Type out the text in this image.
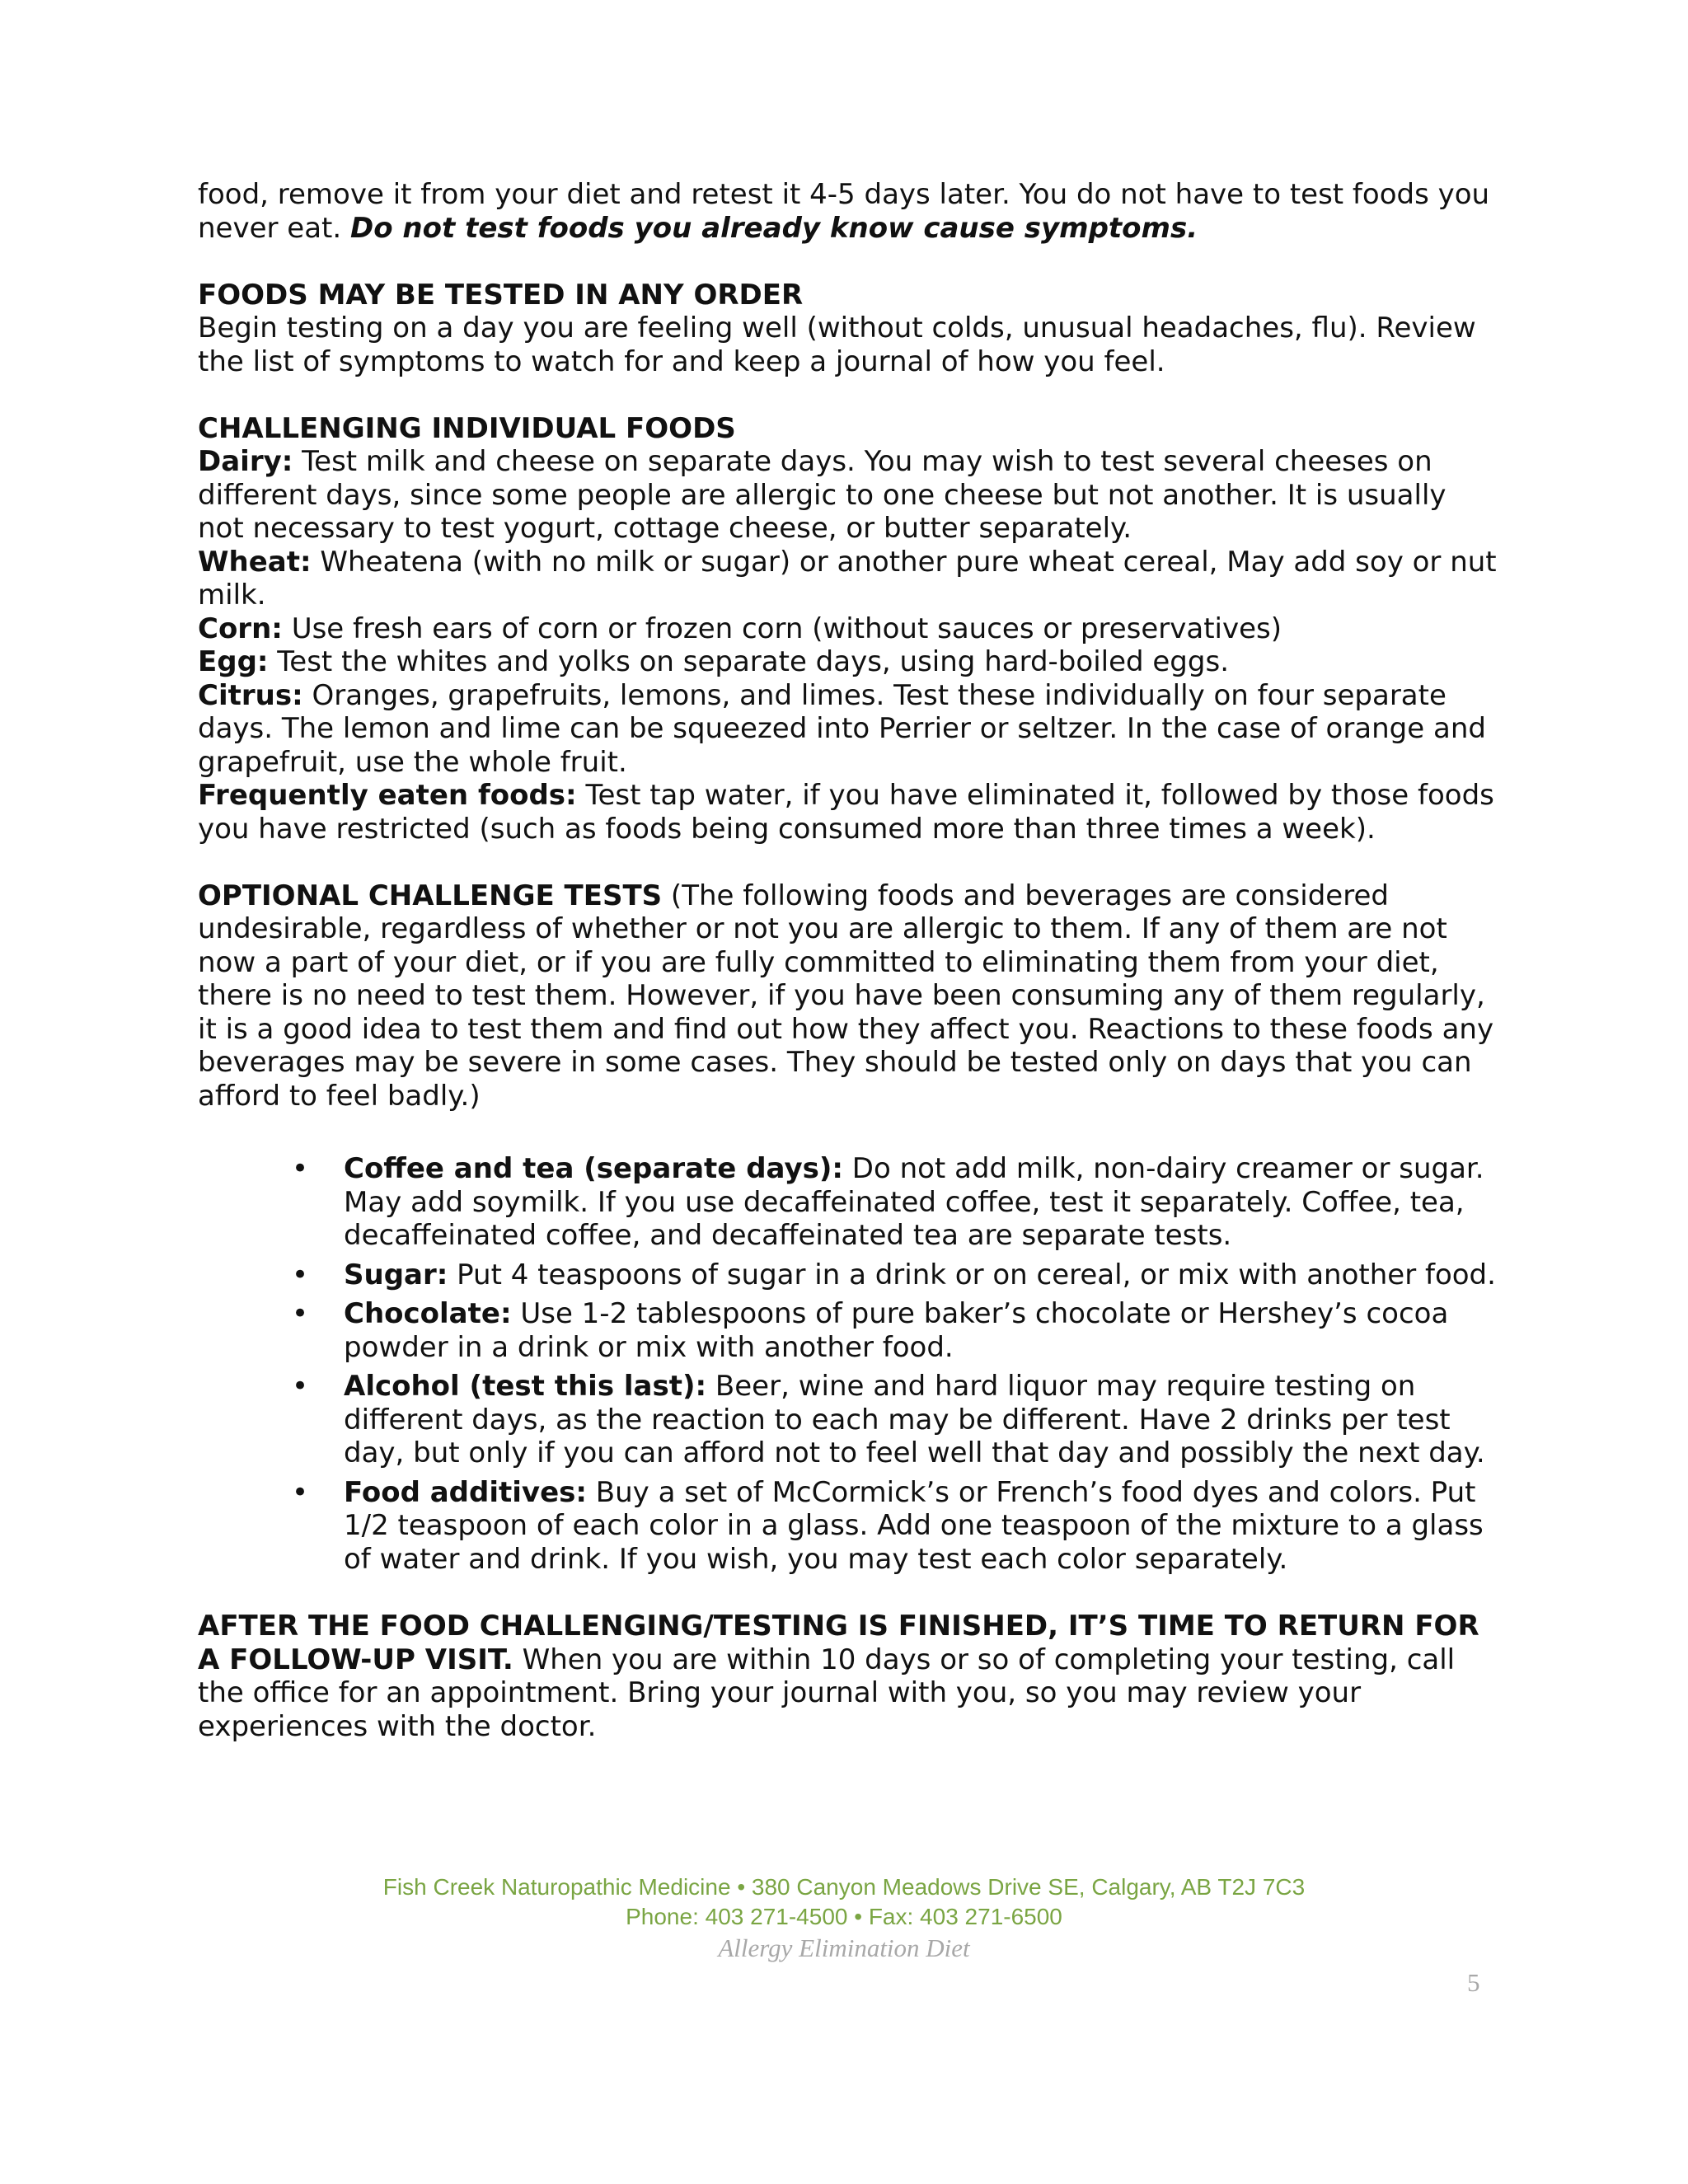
food, remove it from your diet and retest it 4-5 days later. You do not have to test foods you never eat. Do not test foods you already know cause symptoms.

FOODS MAY BE TESTED IN ANY ORDER

Begin testing on a day you are feeling well (without colds, unusual headaches, flu). Review the list of symptoms to watch for and keep a journal of how you feel.

CHALLENGING INDIVIDUAL FOODS

Dairy: Test milk and cheese on separate days. You may wish to test several cheeses on different days, since some people are allergic to one cheese but not another. It is usually not necessary to test yogurt, cottage cheese, or butter separately.

Wheat: Wheatena (with no milk or sugar) or another pure wheat cereal, May add soy or nut milk.

Corn: Use fresh ears of corn or frozen corn (without sauces or preservatives)

Egg: Test the whites and yolks on separate days, using hard-boiled eggs.

Citrus: Oranges, grapefruits, lemons, and limes. Test these individually on four separate days. The lemon and lime can be squeezed into Perrier or seltzer. In the case of orange and grapefruit, use the whole fruit.

Frequently eaten foods: Test tap water, if you have eliminated it, followed by those foods you have restricted (such as foods being consumed more than three times a week).

OPTIONAL CHALLENGE TESTS (The following foods and beverages are considered undesirable, regardless of whether or not you are allergic to them. If any of them are not now a part of your diet, or if you are fully committed to eliminating them from your diet, there is no need to test them. However, if you have been consuming any of them regularly, it is a good idea to test them and find out how they affect you. Reactions to these foods any beverages may be severe in some cases. They should be tested only on days that you can afford to feel badly.)

• Coffee and tea (separate days): Do not add milk, non-dairy creamer or sugar. May add soymilk. If you use decaffeinated coffee, test it separately. Coffee, tea, decaffeinated coffee, and decaffeinated tea are separate tests.
• Sugar: Put 4 teaspoons of sugar in a drink or on cereal, or mix with another food.
• Chocolate: Use 1-2 tablespoons of pure baker’s chocolate or Hershey’s cocoa powder in a drink or mix with another food.
• Alcohol (test this last): Beer, wine and hard liquor may require testing on different days, as the reaction to each may be different. Have 2 drinks per test day, but only if you can afford not to feel well that day and possibly the next day.
• Food additives: Buy a set of McCormick’s or French’s food dyes and colors. Put 1/2 teaspoon of each color in a glass. Add one teaspoon of the mixture to a glass of water and drink. If you wish, you may test each color separately.

AFTER THE FOOD CHALLENGING/TESTING IS FINISHED, IT’S TIME TO RETURN FOR A FOLLOW-UP VISIT. When you are within 10 days or so of completing your testing, call the office for an appointment. Bring your journal with you, so you may review your experiences with the doctor.

Fish Creek Naturopathic Medicine • 380 Canyon Meadows Drive SE, Calgary, AB T2J 7C3
Phone: 403 271-4500 • Fax: 403 271-6500
Allergy Elimination Diet
5
